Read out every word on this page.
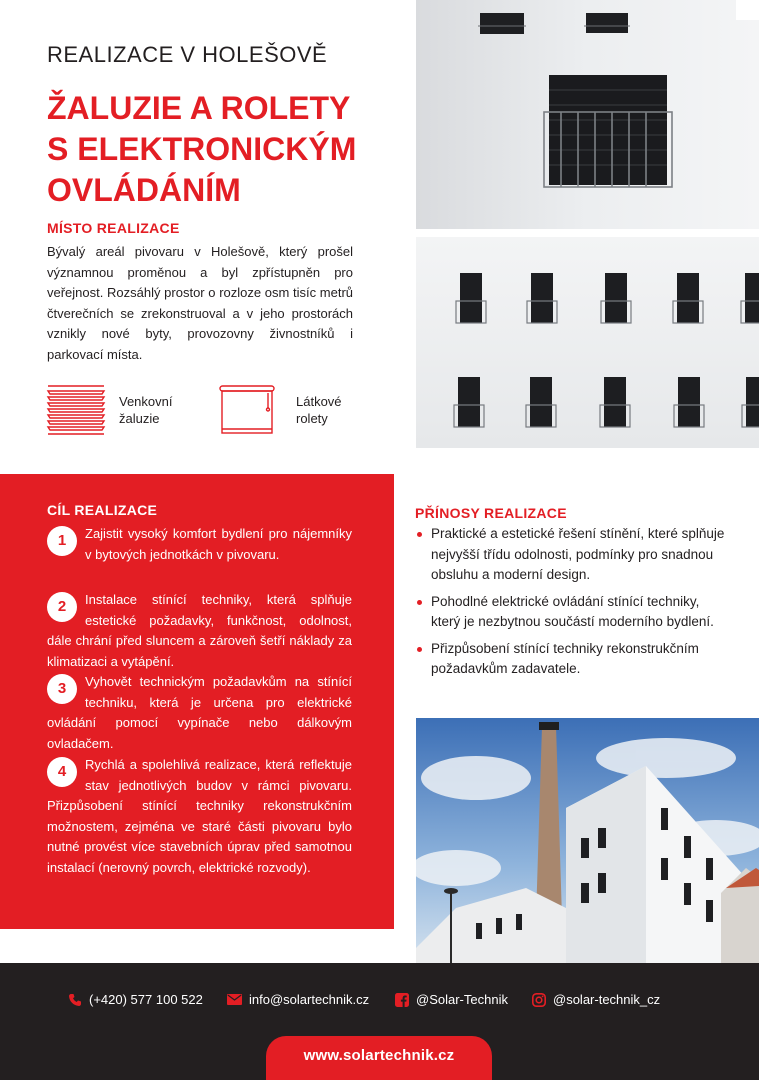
REALIZACE V HOLEŠOVĚ
ŽALUZIE A ROLETY
S ELEKTRONICKÝM
OVLÁDÁNÍM
MÍSTO REALIZACE

Bývalý areál pivovaru v Holešově, který prošel významnou proměnou a byl zpřístupněn pro veřejnost. Rozsáhlý prostor o rozloze osm tisíc metrů čtverečních se zrekonstruoval a v jeho prostorách vznikly nové byty, provozovny živnostníků i parkovací místa.

Venkovní
žaluzie
Látkové
rolety
CÍL REALIZACE
1	Zajistit vysoký komfort bydlení pro nájemníky v bytových jednotkách v pivovaru.
2	Instalace stínící techniky, která splňuje estetické požadavky, funkčnost, odolnost, dále chrání před sluncem a zároveň šetří náklady za klimatizaci a vytápění.
3	Vyhovět technickým požadavkům na stínící techniku, která je určena pro elektrické ovládání pomocí vypínače nebo dálkovým ovladačem.
4	Rychlá a spolehlivá realizace, která reflektuje stav jednotlivých budov v rámci pivovaru. Přizpůsobení stínící techniky rekonstrukčním možnostem, zejména ve staré části pivovaru bylo nutné provést více stavebních úprav před samotnou instalací (nerovný povrch, elektrické rozvody).
PŘÍNOSY REALIZACE
Praktické a estetické řešení stínění, které splňuje nejvyšší třídu odolnosti, podmínky pro snadnou obsluhu a moderní design.
Pohodlné elektrické ovládání stínící techniky, který je nezbytnou součástí moderního bydlení.
Přizpůsobení stínící techniky rekonstrukčním požadavkům zadavatele.
(+420) 577 100 522	info@solartechnik.cz	@Solar-Technik	@solar-technik_cz
www.solartechnik.cz
